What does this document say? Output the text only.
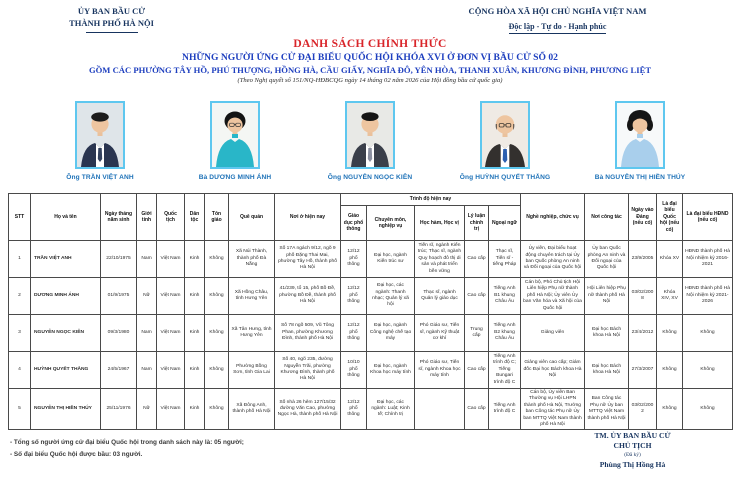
ỦY BAN BẦU CỬ
THÀNH PHỐ HÀ NỘI
CỘNG HÒA XÃ HỘI CHỦ NGHĨA VIỆT NAM
Độc lập - Tự do - Hạnh phúc
DANH SÁCH CHÍNH THỨC
NHỮNG NGƯỜI ỨNG CỬ ĐẠI BIỂU QUỐC HỘI KHÓA XVI Ở ĐƠN VỊ BẦU CỬ SỐ 02
GỒM CÁC PHƯỜNG TÂY HỒ, PHÚ THƯỢNG, HỒNG HÀ, CẦU GIẤY, NGHĨA ĐÔ, YÊN HÒA, THANH XUÂN, KHƯƠNG ĐÌNH, PHƯƠNG LIỆT
(Theo Nghị quyết số 151/NQ-HĐBCQG ngày 14 tháng 02 năm 2026 của Hội đồng bầu cử quốc gia)
Ông TRẦN VIỆT ANH	Bà DƯƠNG MINH ÁNH	Ông NGUYỄN NGỌC KIÊN	Ông HUỲNH QUYẾT THẮNG	Bà NGUYỄN THỊ HIỀN THÚY
STT	Họ và tên	Ngày tháng năm sinh	Giới tính	Quốc tịch	Dân tộc	Tôn giáo	Quê quán	Nơi ở hiện nay	Trình độ hiện nay					Nghề nghiệp, chức vụ	Nơi công tác	Ngày vào Đảng (nếu có)	Là đại biểu Quốc hội (nếu có)	Là đại biểu HĐND (nếu có)
									Giáo dục phổ thông	Chuyên môn, nghiệp vụ	Học hàm, Học vị	Lý luận chính trị	Ngoại ngữ					
1	TRẦN VIỆT ANH	22/10/1975	Nam	Việt Nam	Kinh	Không	Xã Núi Thành, thành phố Đà Nẵng	Số 17A ngách 9/12, ngõ 9 phố Đặng Thai Mai, phường Tây Hồ, thành phố Hà Nội	12/12 phổ thông	Đại học, ngành Kiến trúc sư	Tiến sĩ, ngành Kiến trúc; Thạc sĩ, ngành Quy hoạch đô thị di sản và phát triển bền vững	Cao cấp	Thạc sĩ, Tiến sĩ - tiếng Pháp	Ủy viên, Đại biểu hoạt động chuyên trách tại Ủy ban Quốc phòng An ninh và Đối ngoại của Quốc hội	Ủy ban Quốc phòng An ninh và Đối ngoại của Quốc hội	23/9/2005	Khóa XV	HĐND thành phố Hà Nội nhiệm kỳ 2016-2021
2	DƯƠNG MINH ÁNH	01/9/1975	Nữ	Việt Nam	Kinh	Không	Xã Hồng Châu, tỉnh Hưng Yên	41/239, tổ 15, phố Bồ Đề, phường Bồ Đề, thành phố Hà Nội	12/12 phổ thông	Đại học, các ngành: Thanh nhạc; Quản lý xã hội	Thạc sĩ, ngành Quản lý giáo dục	Cao cấp	Tiếng Anh B1 khung Châu Âu	Cán bộ, Phó Chủ tịch Hội Liên hiệp Phụ nữ thành phố Hà Nội; Ủy viên Ủy ban Văn hóa và Xã hội của Quốc hội	Hội Liên hiệp Phụ nữ thành phố Hà Nội	03/02/2008	Khóa XIV, XV	HĐND thành phố Hà Nội nhiệm kỳ 2021-2026
3	NGUYỄN NGỌC KIÊN	09/3/1980	Nam	Việt Nam	Kinh	Không	Xã Tân Hưng, tỉnh Hưng Yên	Số 78 ngõ 509, Vũ Tông Phan, phường Khương Đình, thành phố Hà Nội	12/12 phổ thông	Đại học, ngành Công nghệ chế tạo máy	Phó Giáo sư, Tiến sĩ, ngành Kỹ thuật cơ khí	Trung cấp	Tiếng Anh B2 khung Châu Âu	Giảng viên	Đại học Bách khoa Hà Nội	23/4/2012	Không	Không
4	HUỲNH QUYẾT THẮNG	24/5/1967	Nam	Việt Nam	Kinh	Không	Phường Bồng Sơn, tỉnh Gia Lai	Số 40, ngõ 235, đường Nguyễn Trãi, phường Khương Đình, thành phố Hà Nội	10/10 phổ thông	Đại học, ngành Khoa học máy tính	Phó Giáo sư, Tiến sĩ, ngành Khoa học máy tính	Cao cấp	Tiếng Anh trình độ C; Tiếng Bungari trình độ C	Giảng viên cao cấp; Giám đốc Đại học Bách khoa Hà Nội	Đại học Bách khoa Hà Nội	27/3/2007	Không	Không
5	NGUYỄN THỊ HIỀN THÚY	25/11/1976	Nữ	Việt Nam	Kinh	Không	Xã Đông Anh, thành phố Hà Nội	Số nhà 26 hẻm 127/15/32 đường Văn Cao, phường Ngọc Hà, thành phố Hà Nội	12/12 phổ thông	Đại học, các ngành: Luật; Kinh tế; Chính trị		Cao cấp	Tiếng Anh trình độ C	Cán bộ, Ủy viên Ban Thường vụ Hội LHPN thành phố Hà Nội, Trưởng ban Công tác Phụ nữ Ủy ban MTTQ Việt Nam thành phố Hà Nội	Ban Công tác Phụ nữ Ủy ban MTTQ Việt Nam thành phố Hà Nội	03/02/2002	Không	Không
- Tổng số người ứng cử đại biểu Quốc hội trong danh sách này là: 05 người;
- Số đại biểu Quốc hội được bầu: 03 người.
TM. ỦY BAN BẦU CỬ
CHỦ TỊCH
(Đã ký)
Phùng Thị Hồng Hà
